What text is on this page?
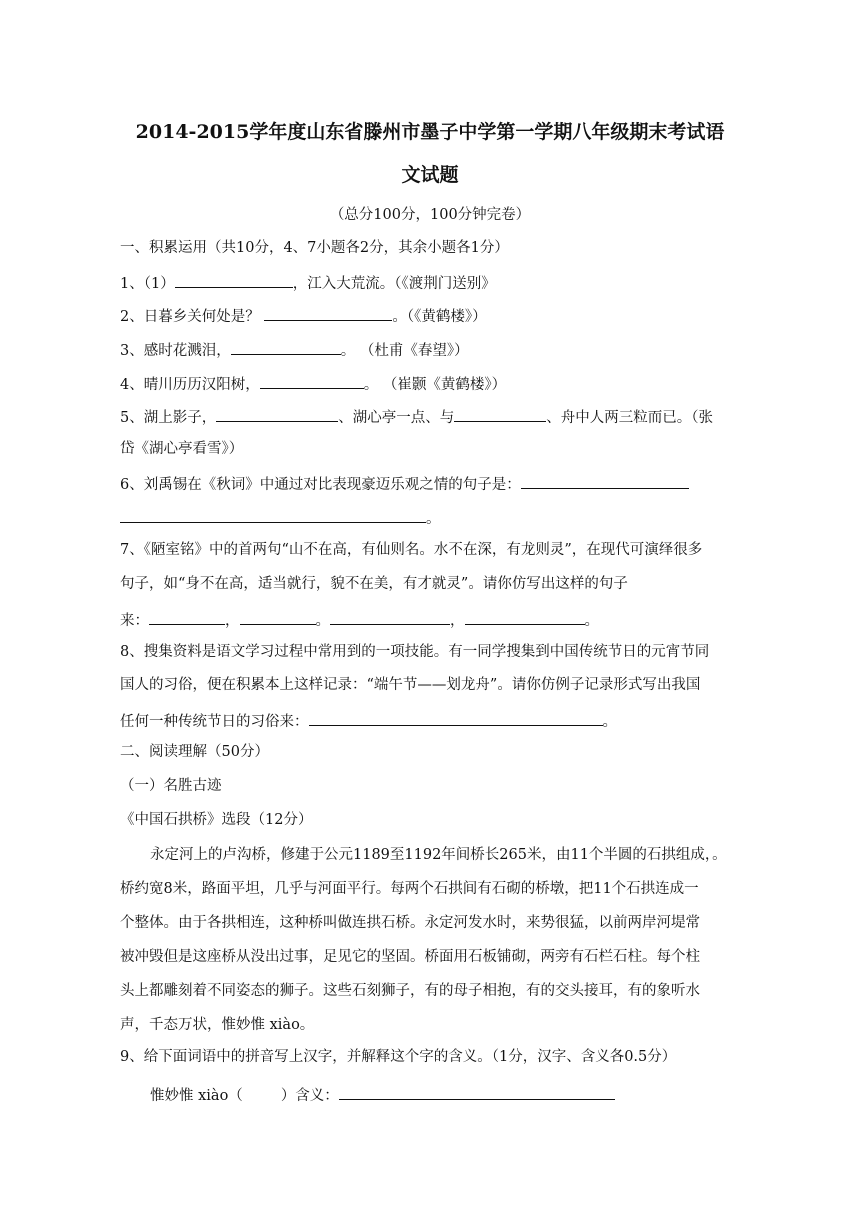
2014-2015学年度山东省滕州市墨子中学第一学期八年级期末考试语
文试题
（总分100分，100分钟完卷）
一、积累运用（共10分，4、7小题各2分，其余小题各1分）
1、（1）	，江入大荒流。（《渡荆门送别》
2、日暮乡关何处是？	。（《黄鹤楼》）
3、感时花溅泪，	。 （杜甫《春望》）
4、晴川历历汉阳树，	。 （崔颢《黄鹤楼》）
5、湖上影子，	、湖心亭一点、与	、舟中人两三粒而已。（张
岱《湖心亭看雪》）
6、刘禹锡在《秋词》中通过对比表现豪迈乐观之情的句子是：
。
7、《陋室铭》中的首两句“山不在高，有仙则名。水不在深，有龙则灵”，在现代可演绎很多
句子，如“身不在高，适当就行，貌不在美，有才就灵”。请你仿写出这样的句子
来：	，	。	，	。
8、搜集资料是语文学习过程中常用到的一项技能。有一同学搜集到中国传统节日的元宵节同
国人的习俗，便在积累本上这样记录：“端午节——划龙舟”。请你仿例子记录形式写出我国
任何一种传统节日的习俗来：	。
二、阅读理解（50分）
（一）名胜古迹
《中国石拱桥》选段（12分）
永定河上的卢沟桥，修建于公元1189至1192年间桥长265米，由11个半圆的石拱组成，。
桥约宽8米，路面平坦，几乎与河面平行。每两个石拱间有石砌的桥墩，把11个石拱连成一
个整体。由于各拱相连，这种桥叫做连拱石桥。永定河发水时，来势很猛，以前两岸河堤常
被冲毁但是这座桥从没出过事，足见它的坚固。桥面用石板铺砌，两旁有石栏石柱。每个柱
头上都雕刻着不同姿态的狮子。这些石刻狮子，有的母子相抱，有的交头接耳，有的象听水
声，千态万状，惟妙惟 xiào。
9、给下面词语中的拼音写上汉字，并解释这个字的含义。（1分，汉字、含义各0.5分）
惟妙惟 xiào（	）含义：
